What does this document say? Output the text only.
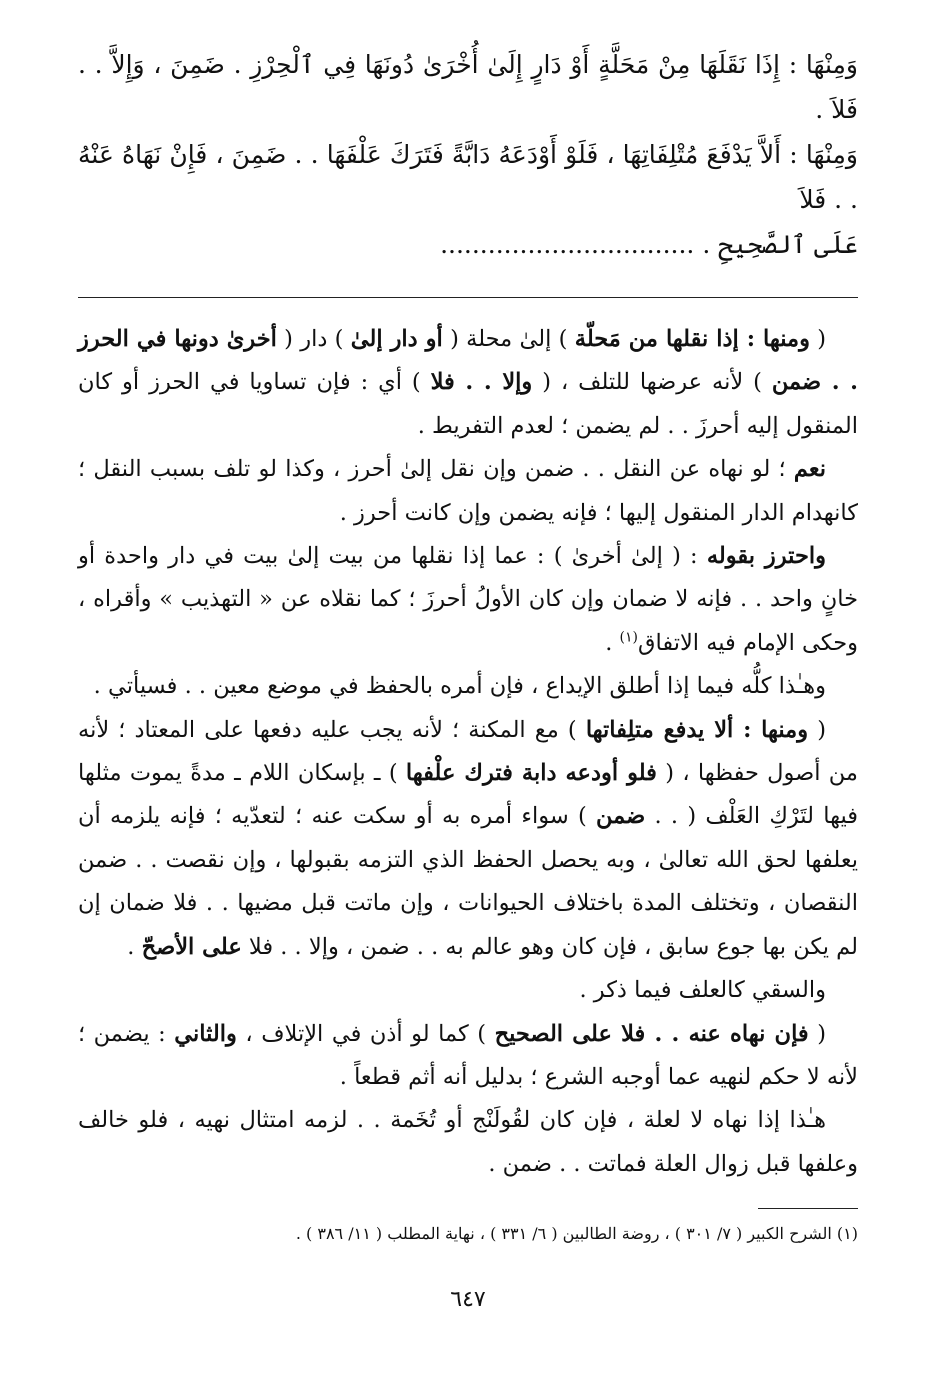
وَمِنْهَا : إِذَا نَقَلَهَا مِنْ مَحَلَّةٍ أَوْ دَارٍ إِلَىٰ أُخْرَىٰ دُونَهَا فِي ٱلْحِرْزِ . ضَمِنَ ، وَإِلاَّ . . فَلاَ .

وَمِنْهَا : أَلاَّ يَدْفَعَ مُتْلِفَاتِهَا ، فَلَوْ أَوْدَعَهُ دَابَّةً فَتَرَكَ عَلْفَهَا . . ضَمِنَ ، فَإِنْ نَهَاهُ عَنْهُ . . فَلاَ

عَلَى ٱلصَّحِيحِ . ................................

( ومنها : إذا نقلها من مَحلّة ) إلىٰ محلة ( أو دار إلىٰ ) دار ( أخرىٰ دونها في الحرز . . ضمن ) لأنه عرضها للتلف ، ( وإلا . . فلا ) أي : فإن تساويا في الحرز أو كان المنقول إليه أحرزَ . . لم يضمن ؛ لعدم التفريط .

نعم ؛ لو نهاه عن النقل . . ضمن وإن نقل إلىٰ أحرز ، وكذا لو تلف بسبب النقل ؛ كانهدام الدار المنقول إليها ؛ فإنه يضمن وإن كانت أحرز .

واحترز بقوله : ( إلىٰ أخرىٰ ) : عما إذا نقلها من بيت إلىٰ بيت في دار واحدة أو خانٍ واحد . . فإنه لا ضمان وإن كان الأولُ أحرزَ ؛ كما نقلاه عن « التهذيب » وأقراه ، وحكى الإمام فيه الاتفاق$^{(١)}$ .

وهـٰذا كلُّه فيما إذا أطلق الإيداع ، فإن أمره بالحفظ في موضع معين . . فسيأتي .

( ومنها : ألا يدفع متلِفاتها ) مع المكنة ؛ لأنه يجب عليه دفعها على المعتاد ؛ لأنه من أصول حفظها ، ( فلو أودعه دابة فترك علْفها ) ـ بإسكان اللام ـ مدةً يموت مثلها فيها لتَرْكِ العَلْف ( . . ضمن ) سواء أمره به أو سكت عنه ؛ لتعدّيه ؛ فإنه يلزمه أن يعلفها لحق الله تعالىٰ ، وبه يحصل الحفظ الذي التزمه بقبولها ، وإن نقصت . . ضمن النقصان ، وتختلف المدة باختلاف الحيوانات ، وإن ماتت قبل مضيها . . فلا ضمان إن لم يكن بها جوع سابق ، فإن كان وهو عالم به . . ضمن ، وإلا . . فلا على الأصحّ .

والسقي كالعلف فيما ذكر .

( فإن نهاه عنه . . فلا على الصحيح ) كما لو أذن في الإتلاف ، والثاني : يضمن ؛ لأنه لا حكم لنهيه عما أوجبه الشرع ؛ بدليل أنه أثم قطعاً .

هـٰذا إذا نهاه لا لعلة ، فإن كان لقُولَنْج أو تُخَمة . . لزمه امتثال نهيه ، فلو خالف وعلفها قبل زوال العلة فماتت . . ضمن .

(١) الشرح الكبير ( ٧/ ٣٠١ ) ، روضة الطالبين ( ٦/ ٣٣١ ) ، نهاية المطلب ( ١١/ ٣٨٦ ) .
٦٤٧
